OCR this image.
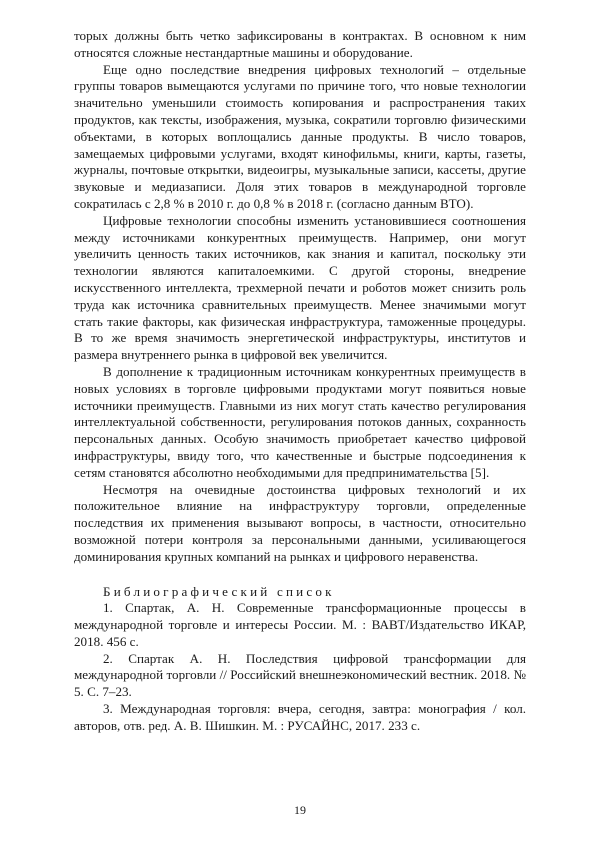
торых должны быть четко зафиксированы в контрактах. В основном к ним относятся сложные нестандартные машины и оборудование.

Еще одно последствие внедрения цифровых технологий – отдельные группы товаров вымещаются услугами по причине того, что новые технологии значительно уменьшили стоимость копирования и распространения таких продуктов, как тексты, изображения, музыка, сократили торговлю физическими объектами, в которых воплощались данные продукты. В число товаров, замещаемых цифровыми услугами, входят кинофильмы, книги, карты, газеты, журналы, почтовые открытки, видеоигры, музыкальные записи, кассеты, другие звуковые и медиазаписи. Доля этих товаров в международной торговле сократилась с 2,8 % в 2010 г. до 0,8 % в 2018 г. (согласно данным ВТО).

Цифровые технологии способны изменить установившиеся соотношения между источниками конкурентных преимуществ. Например, они могут увеличить ценность таких источников, как знания и капитал, поскольку эти технологии являются капиталоемкими. С другой стороны, внедрение искусственного интеллекта, трехмерной печати и роботов может снизить роль труда как источника сравнительных преимуществ. Менее значимыми могут стать такие факторы, как физическая инфраструктура, таможенные процедуры. В то же время значимость энергетической инфраструктуры, институтов и размера внутреннего рынка в цифровой век увеличится.

В дополнение к традиционным источникам конкурентных преимуществ в новых условиях в торговле цифровыми продуктами могут появиться новые источники преимуществ. Главными из них могут стать качество регулирования интеллектуальной собственности, регулирования потоков данных, сохранность персональных данных. Особую значимость приобретает качество цифровой инфраструктуры, ввиду того, что качественные и быстрые подсоединения к сетям становятся абсолютно необходимыми для предпринимательства [5].

Несмотря на очевидные достоинства цифровых технологий и их положительное влияние на инфраструктуру торговли, определенные последствия их применения вызывают вопросы, в частности, относительно возможной потери контроля за персональными данными, усиливающегося доминирования крупных компаний на рынках и цифрового неравенства.

Библиографический список

1. Спартак, А. Н. Современные трансформационные процессы в международной торговле и интересы России. М. : ВАВТ/Издательство ИКАР, 2018. 456 с.

2. Спартак А. Н. Последствия цифровой трансформации для международной торговли // Российский внешнеэкономический вестник. 2018. № 5. С. 7–23.

3. Международная торговля: вчера, сегодня, завтра: монография / кол. авторов, отв. ред. А. В. Шишкин. М. : РУСАЙНС, 2017. 233 с.

19
